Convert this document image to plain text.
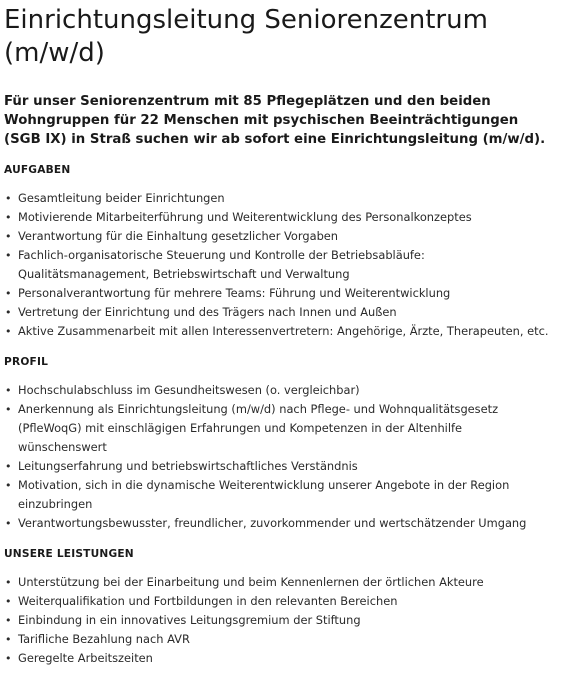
Einrichtungsleitung Seniorenzentrum (m/w/d)

Für unser Seniorenzentrum mit 85 Pflegeplätzen und den beiden Wohngruppen für 22 Menschen mit psychischen Beeinträchtigungen (SGB IX) in Straß suchen wir ab sofort eine Einrichtungsleitung (m/w/d).

AUFGABEN
• Gesamtleitung beider Einrichtungen
• Motivierende Mitarbeiterführung und Weiterentwicklung des Personalkonzeptes
• Verantwortung für die Einhaltung gesetzlicher Vorgaben
• Fachlich-organisatorische Steuerung und Kontrolle der Betriebsabläufe: Qualitätsmanagement, Betriebswirtschaft und Verwaltung
• Personalverantwortung für mehrere Teams: Führung und Weiterentwicklung
• Vertretung der Einrichtung und des Trägers nach Innen und Außen
• Aktive Zusammenarbeit mit allen Interessenvertretern: Angehörige, Ärzte, Therapeuten, etc.
PROFIL
• Hochschulabschluss im Gesundheitswesen (o. vergleichbar)
• Anerkennung als Einrichtungsleitung (m/w/d) nach Pflege- und Wohnqualitätsgesetz (PfleWoqG) mit einschlägigen Erfahrungen und Kompetenzen in der Altenhilfe wünschenswert
• Leitungserfahrung und betriebswirtschaftliches Verständnis
• Motivation, sich in die dynamische Weiterentwicklung unserer Angebote in der Region einzubringen
• Verantwortungsbewusster, freundlicher, zuvorkommender und wertschätzender Umgang
UNSERE LEISTUNGEN
• Unterstützung bei der Einarbeitung und beim Kennenlernen der örtlichen Akteure
• Weiterqualifikation und Fortbildungen in den relevanten Bereichen
• Einbindung in ein innovatives Leitungsgremium der Stiftung
• Tarifliche Bezahlung nach AVR
• Geregelte Arbeitszeiten
